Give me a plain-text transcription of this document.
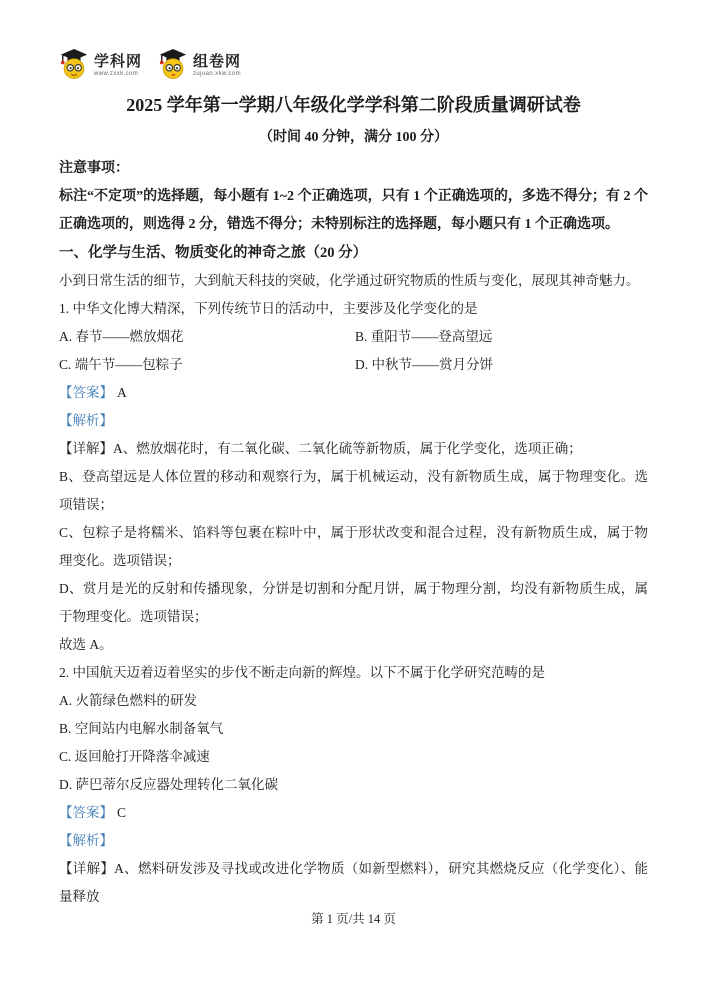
学科网
www.zxxk.com
组卷网
zujuan.xkw.com
2025 学年第一学期八年级化学学科第二阶段质量调研试卷
（时间 40 分钟，满分 100 分）

注意事项：

标注“不定项”的选择题，每小题有 1~2 个正确选项，只有 1 个正确选项的，多选不得分；有 2 个正确选项的，则选得 2 分，错选不得分；未特别标注的选择题，每小题只有 1 个正确选项。

一、化学与生活、物质变化的神奇之旅（20 分）

小到日常生活的细节，大到航天科技的突破，化学通过研究物质的性质与变化，展现其神奇魅力。

1. 中华文化博大精深，下列传统节日的活动中，主要涉及化学变化的是

A. 春节——燃放烟花	B. 重阳节——登高望远

C. 端午节——包粽子	D. 中秋节——赏月分饼

【答案】 A

【解析】

【详解】A、燃放烟花时，有二氧化碳、二氧化硫等新物质，属于化学变化，选项正确；

B、登高望远是人体位置的移动和观察行为，属于机械运动，没有新物质生成，属于物理变化。选项错误；

C、包粽子是将糯米、馅料等包裹在粽叶中，属于形状改变和混合过程，没有新物质生成，属于物理变化。选项错误；

D、赏月是光的反射和传播现象，分饼是切割和分配月饼，属于物理分割，均没有新物质生成，属于物理变化。选项错误；

故选 A。

2. 中国航天迈着迈着坚实的步伐不断走向新的辉煌。以下不属于化学研究范畴的是

A. 火箭绿色燃料的研发

B. 空间站内电解水制备氧气

C. 返回舱打开降落伞减速

D. 萨巴蒂尔反应器处理转化二氧化碳

【答案】 C

【解析】

【详解】A、燃料研发涉及寻找或改进化学物质（如新型燃料），研究其燃烧反应（化学变化）、能量释放

第 1 页/共 14 页
